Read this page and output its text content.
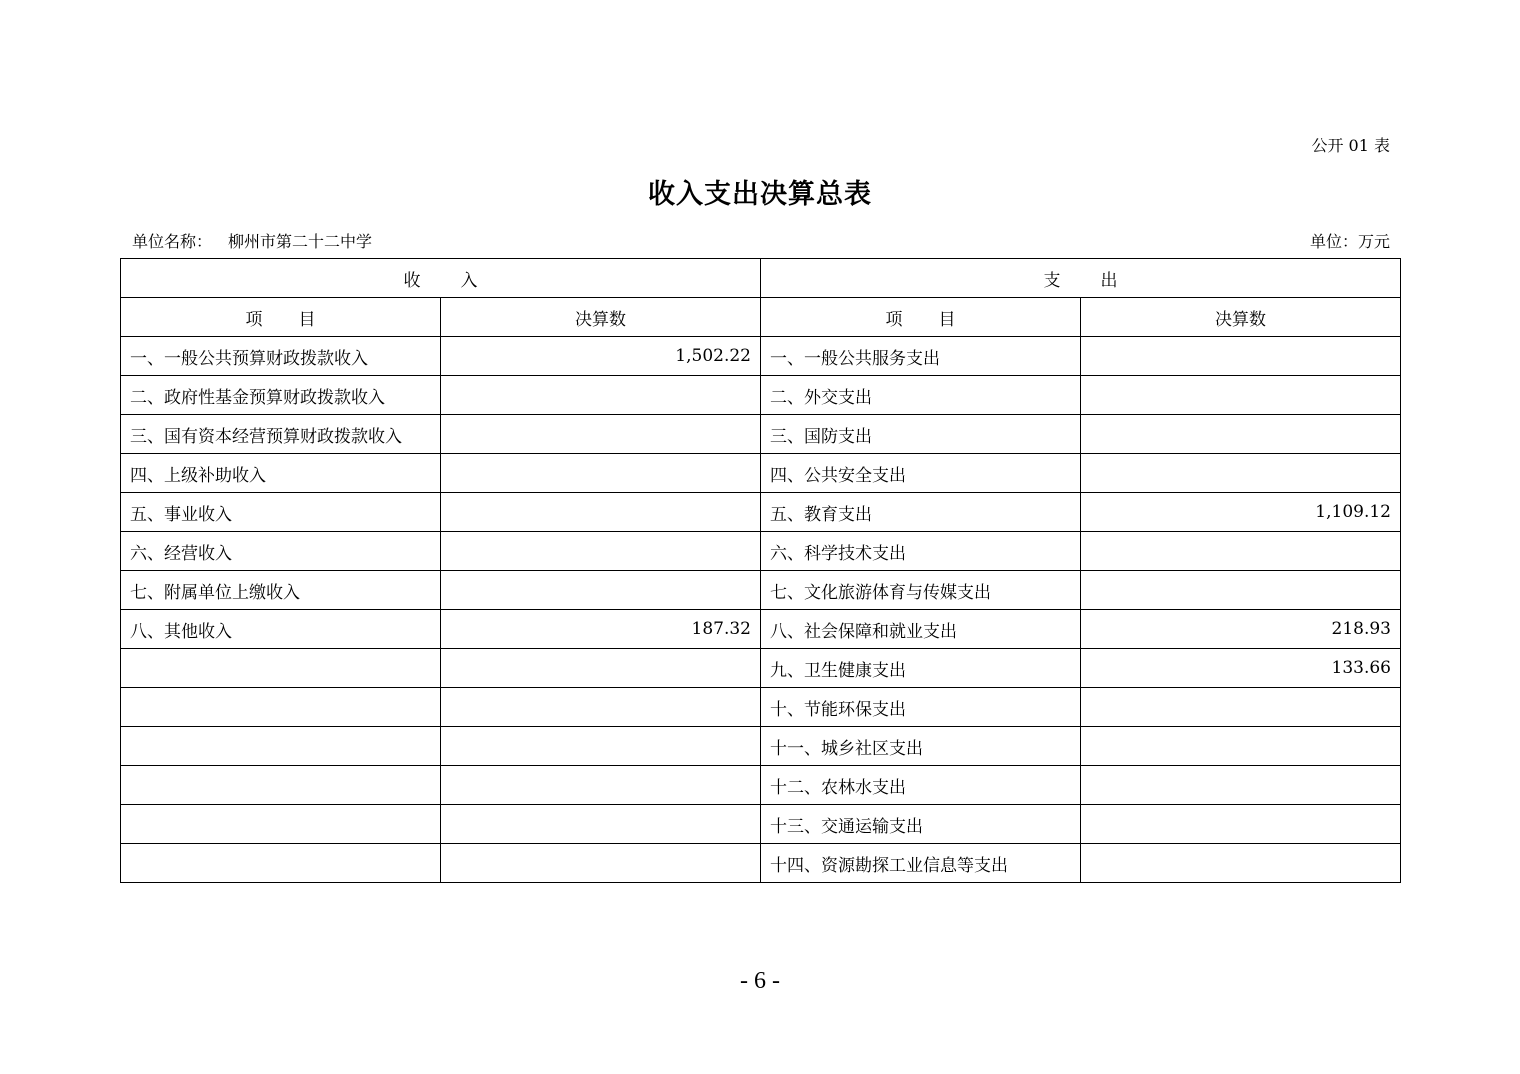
公开 01 表
收入支出决算总表
单位名称： 柳州市第二十二中学	单位：万元
收入		支出	
项目	决算数	项目	决算数
一、一般公共预算财政拨款收入	1,502.22	一、一般公共服务支出	
二、政府性基金预算财政拨款收入		二、外交支出	
三、国有资本经营预算财政拨款收入		三、国防支出	
四、上级补助收入		四、公共安全支出	
五、事业收入		五、教育支出	1,109.12
六、经营收入		六、科学技术支出	
七、附属单位上缴收入		七、文化旅游体育与传媒支出	
八、其他收入	187.32	八、社会保障和就业支出	218.93
		九、卫生健康支出	133.66
		十、节能环保支出	
		十一、城乡社区支出	
		十二、农林水支出	
		十三、交通运输支出	
		十四、资源勘探工业信息等支出	
- 6 -
